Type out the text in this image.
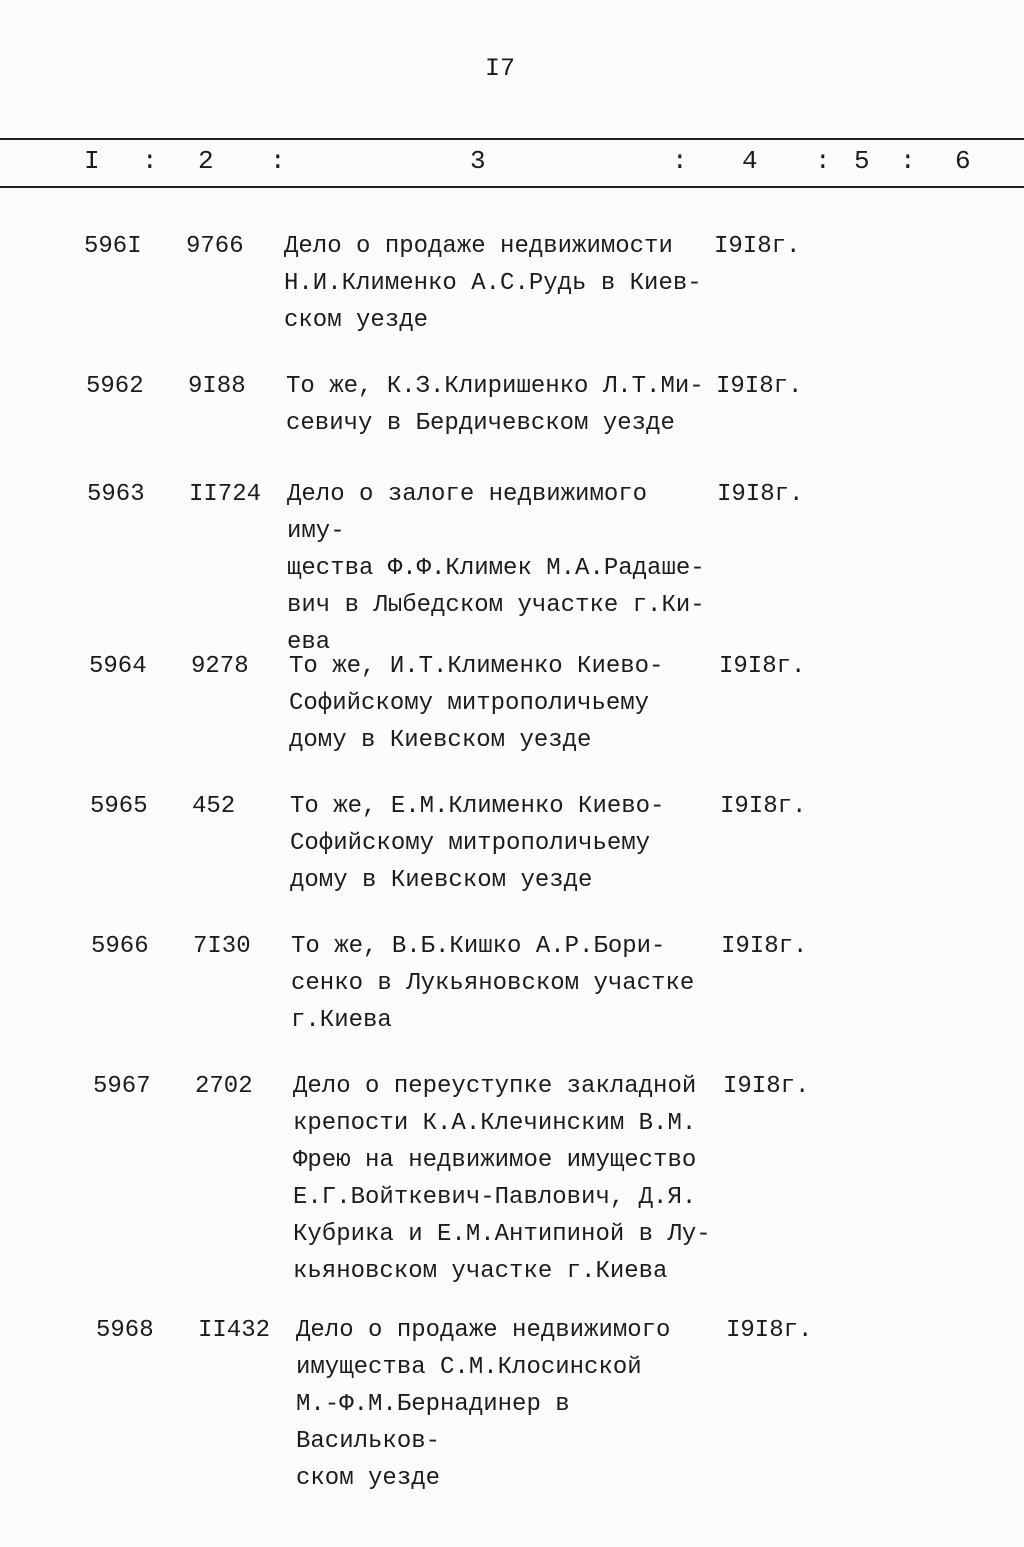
I7
I : 2 :	3	: 4 : 5 : 6
596I 9766 Дело о продаже недвижимости
Н.И.Клименко А.С.Рудь в Киев-
ском уезде
I9I8г.
5962 9I88 То же, К.З.Клиришенко Л.Т.Ми-
севичу в Бердичевском уезде
I9I8г.
5963 II724 Дело о залоге недвижимого иму-
щества Ф.Ф.Климек М.А.Радаше-
вич в Лыбедском участке г.Ки-
ева
I9I8г.
5964 9278 То же, И.Т.Клименко Киево-
Софийскому митрополичьему
дому в Киевском уезде
I9I8г.
5965 452 То же, Е.М.Клименко Киево-
Софийскому митрополичьему
дому в Киевском уезде
I9I8г.
5966 7I30 То же, В.Б.Кишко А.Р.Бори-
сенко в Лукьяновском участке
г.Киева
I9I8г.
5967 2702 Дело о переуступке закладной
крепости К.А.Клечинским В.М.
Фрею на недвижимое имущество
Е.Г.Войткевич-Павлович, Д.Я.
Кубрика и Е.М.Антипиной в Лу-
кьяновском участке г.Киева
I9I8г.
5968 II432 Дело о продаже недвижимого
имущества С.М.Клосинской
М.-Ф.М.Бернадинер в Васильков-
ском уезде
I9I8г.
